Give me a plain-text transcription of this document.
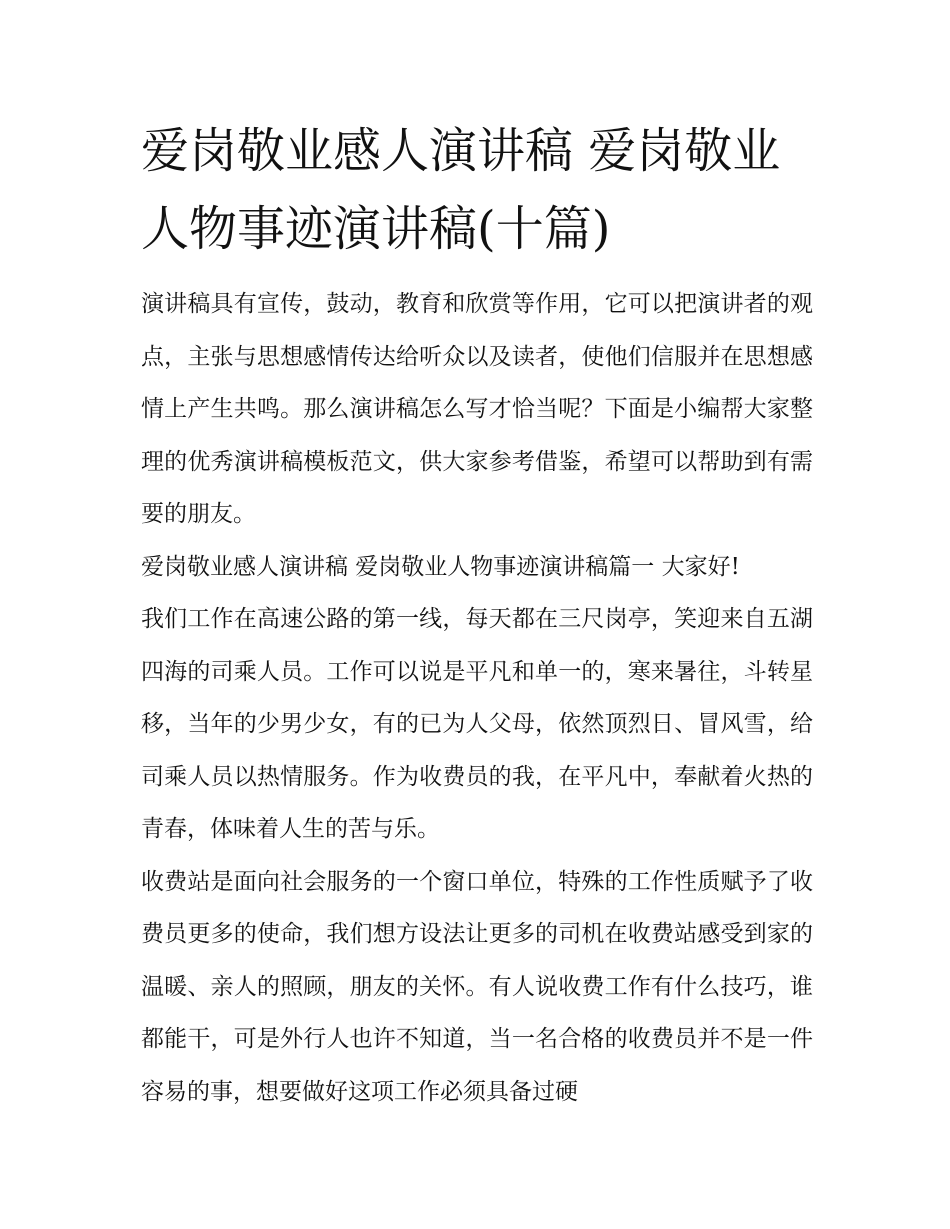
爱岗敬业感人演讲稿 爱岗敬业人物事迹演讲稿(十篇)

演讲稿具有宣传，鼓动，教育和欣赏等作用，它可以把演讲者的观点，主张与思想感情传达给听众以及读者，使他们信服并在思想感情上产生共鸣。那么演讲稿怎么写才恰当呢？下面是小编帮大家整理的优秀演讲稿模板范文，供大家参考借鉴，希望可以帮助到有需要的朋友。

爱岗敬业感人演讲稿 爱岗敬业人物事迹演讲稿篇一 大家好!

我们工作在高速公路的第一线，每天都在三尺岗亭，笑迎来自五湖四海的司乘人员。工作可以说是平凡和单一的，寒来暑往，斗转星移，当年的少男少女，有的已为人父母，依然顶烈日、冒风雪，给司乘人员以热情服务。作为收费员的我，在平凡中，奉献着火热的青春，体味着人生的苦与乐。

收费站是面向社会服务的一个窗口单位，特殊的工作性质赋予了收费员更多的使命，我们想方设法让更多的司机在收费站感受到家的温暖、亲人的照顾，朋友的关怀。有人说收费工作有什么技巧，谁都能干，可是外行人也许不知道，当一名合格的收费员并不是一件容易的事，想要做好这项工作必须具备过硬
